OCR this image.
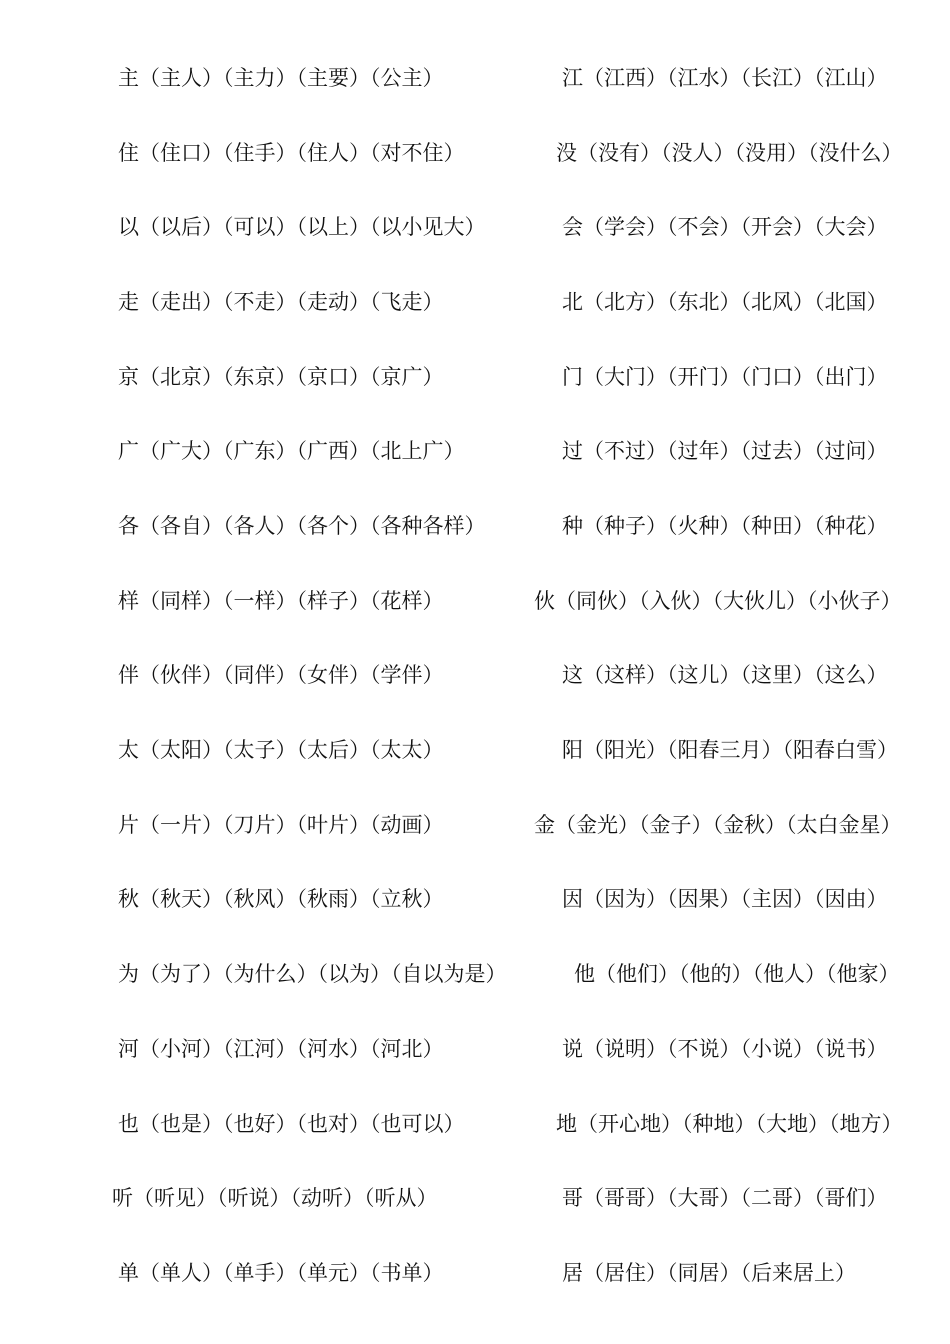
主（主人）（主力）（主要）（公主）	江（江西）（江水）（长江）（江山）
住（住口）（住手）（住人）（对不住）	没（没有）（没人）（没用）（没什么）
以（以后）（可以）（以上）（以小见大）	会（学会）（不会）（开会）（大会）
走（走出）（不走）（走动）（飞走）	北（北方）（东北）（北风）（北国）
京（北京）（东京）（京口）（京广）	门（大门）（开门）（门口）（出门）
广（广大）（广东）（广西）（北上广）	过（不过）（过年）（过去）（过问）
各（各自）（各人）（各个）（各种各样）	种（种子）（火种）（种田）（种花）
样（同样）（一样）（样子）（花样）	伙（同伙）（入伙）（大伙儿）（小伙子）
伴（伙伴）（同伴）（女伴）（学伴）	这（这样）（这儿）（这里）（这么）
太（太阳）（太子）（太后）（太太）	阳（阳光）（阳春三月）（阳春白雪）
片（一片）（刀片）（叶片）（动画）	金（金光）（金子）（金秋）（太白金星）
秋（秋天）（秋风）（秋雨）（立秋）	因（因为）（因果）（主因）（因由）
为（为了）（为什么）（以为）（自以为是）	他（他们）（他的）（他人）（他家）
河（小河）（江河）（河水）（河北）	说（说明）（不说）（小说）（说书）
也（也是）（也好）（也对）（也可以）	地（开心地）（种地）（大地）（地方）
听（听见）（听说）（动听）（听从）	哥（哥哥）（大哥）（二哥）（哥们）
单（单人）（单手）（单元）（书单）	居（居住）（同居）（后来居上）
